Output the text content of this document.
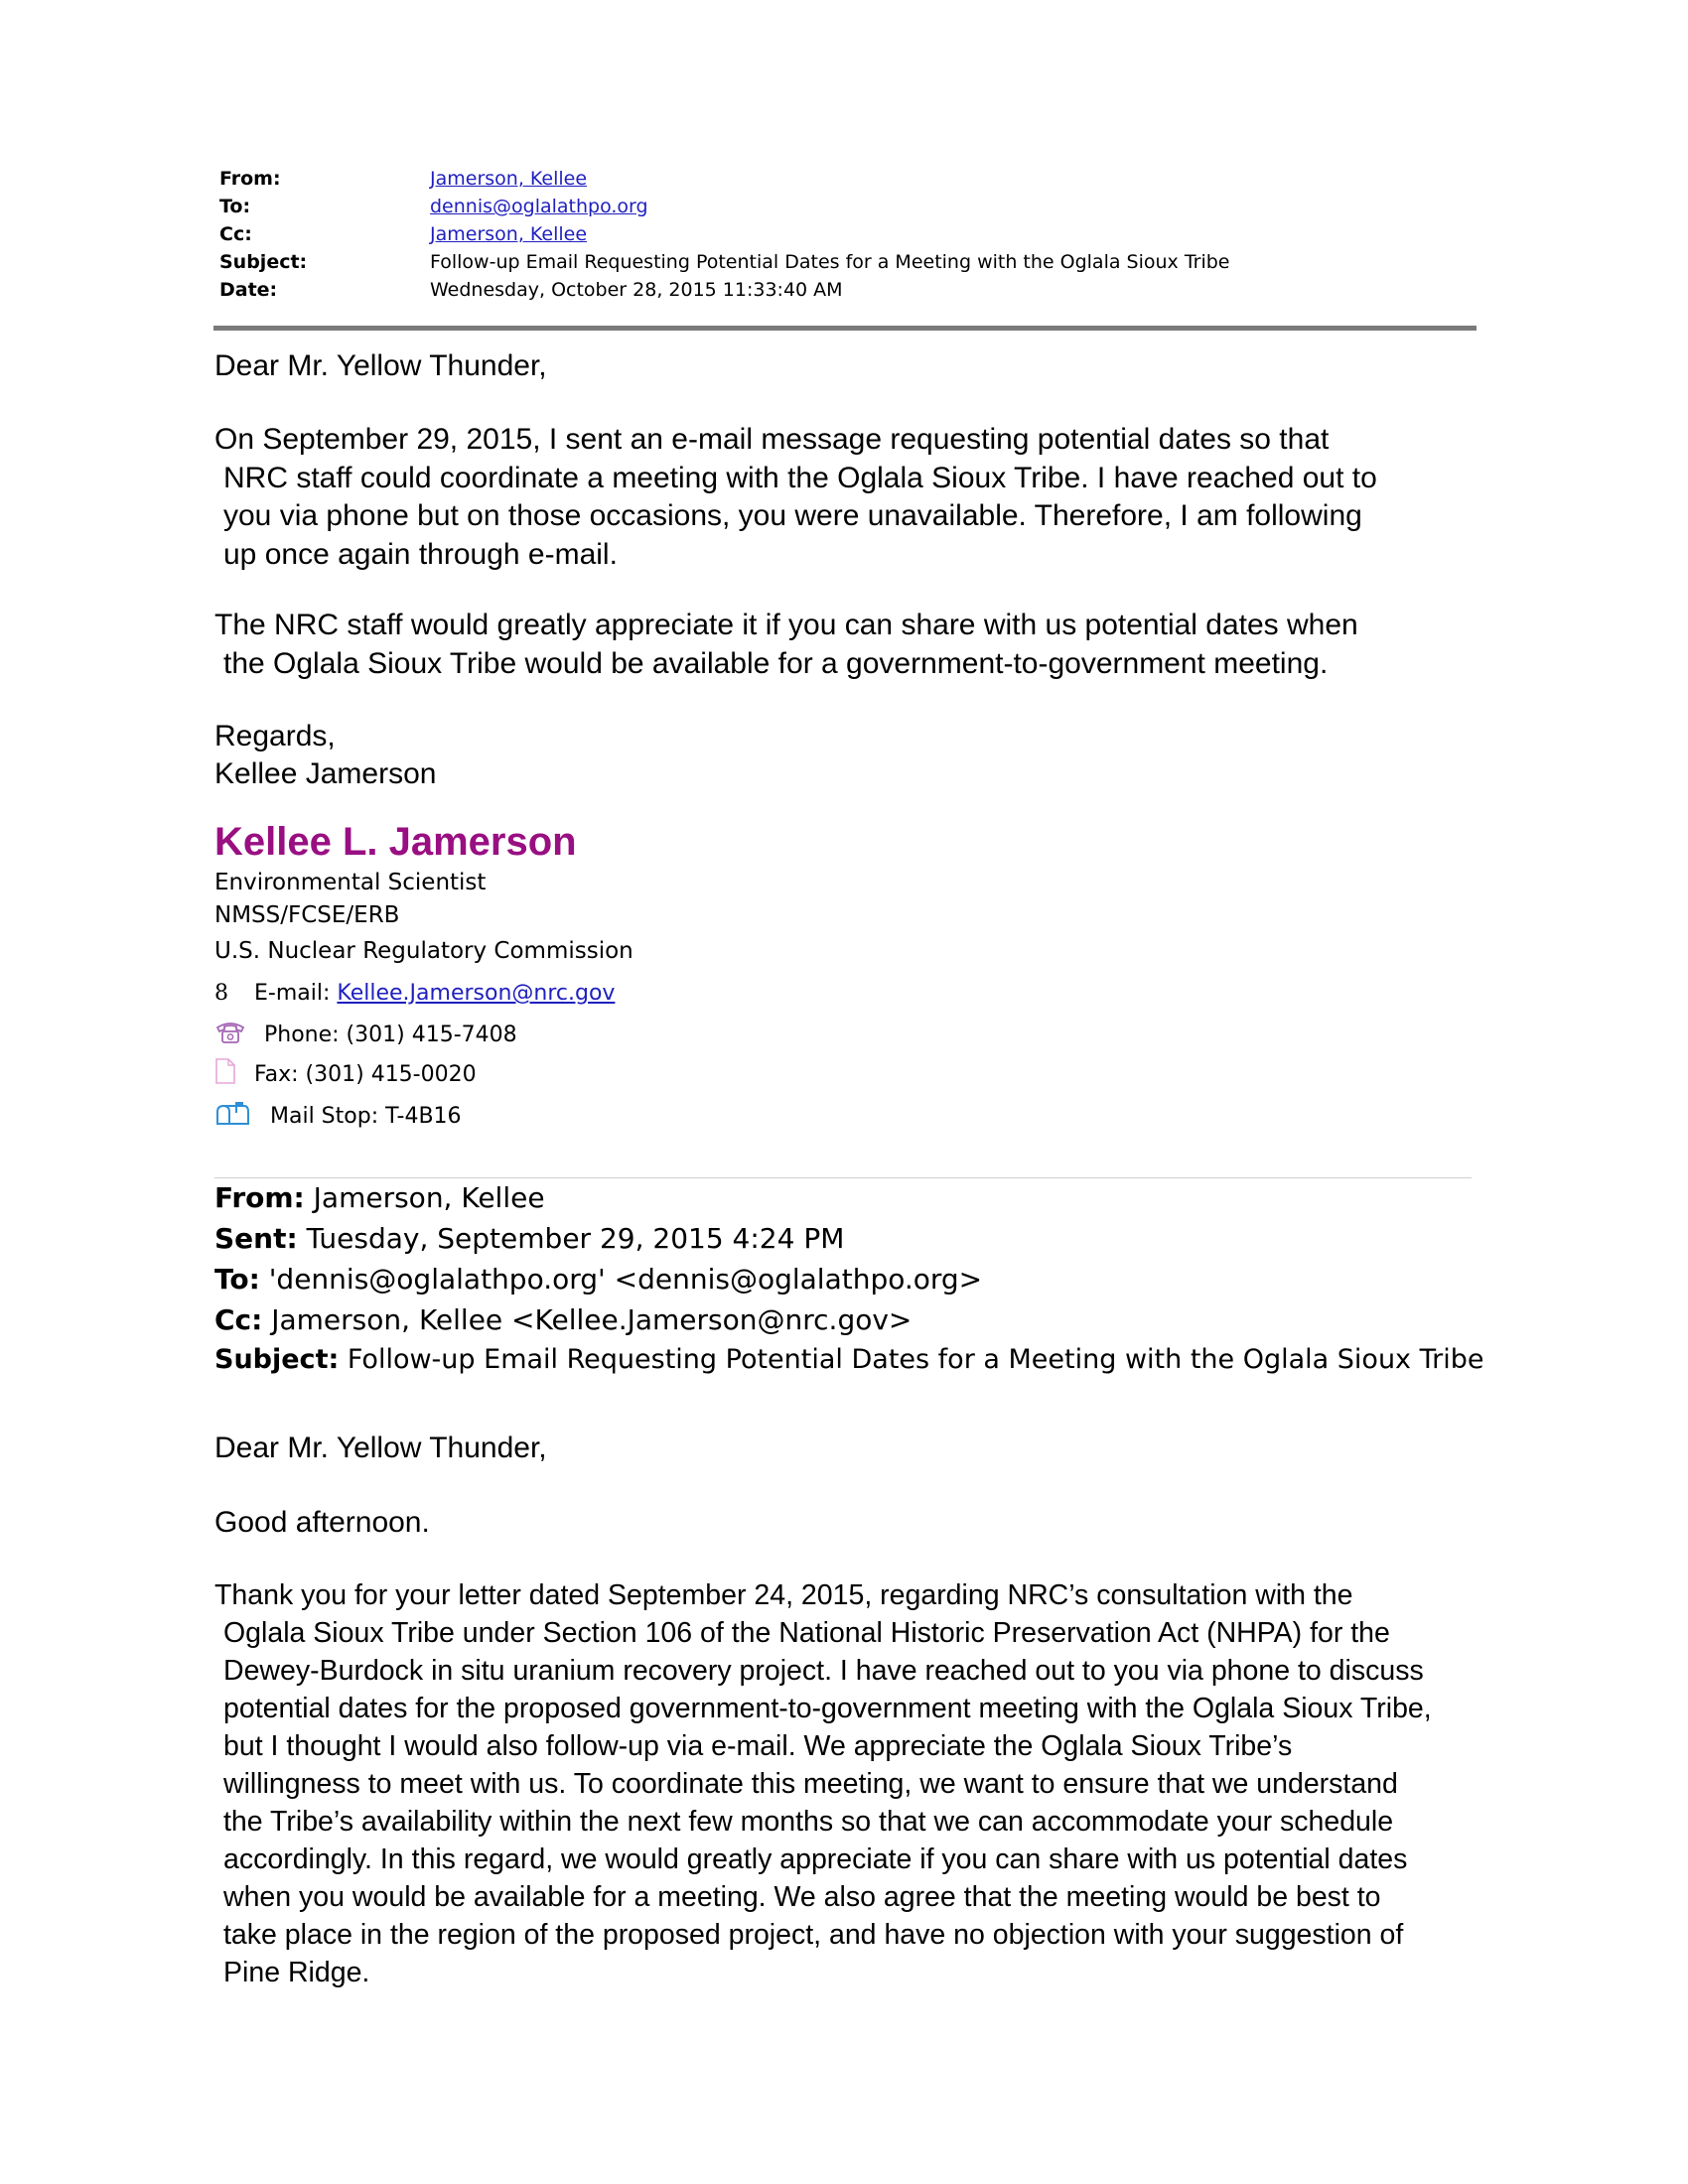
From:	Jamerson, Kellee
To:	dennis@oglalathpo.org
Cc:	Jamerson, Kellee
Subject:	Follow-up Email Requesting Potential Dates for a Meeting with the Oglala Sioux Tribe
Date:	Wednesday, October 28, 2015 11:33:40 AM
Dear Mr. Yellow Thunder,
On September 29, 2015, I sent an e-mail message requesting potential dates so that
NRC staff could coordinate a meeting with the Oglala Sioux Tribe. I have reached out to
you via phone but on those occasions, you were unavailable. Therefore, I am following
up once again through e-mail.
The NRC staff would greatly appreciate it if you can share with us potential dates when
the Oglala Sioux Tribe would be available for a government-to-government meeting.
Regards,
Kellee Jamerson
Kellee L. Jamerson
Environmental Scientist
NMSS/FCSE/ERB
U.S. Nuclear Regulatory Commission
8	E-mail:
Kellee.Jamerson@nrc.gov
Phone: (301) 415-7408
Fax: (301) 415-0020
Mail Stop: T-4B16
From: Jamerson, Kellee
Sent: Tuesday, September 29, 2015 4:24 PM
To: 'dennis@oglalathpo.org' <dennis@oglalathpo.org>
Cc: Jamerson, Kellee <Kellee.Jamerson@nrc.gov>
Subject: Follow-up Email Requesting Potential Dates for a Meeting with the Oglala Sioux Tribe
Dear Mr. Yellow Thunder,
Good afternoon.
Thank you for your letter dated September 24, 2015, regarding NRC’s consultation with the
Oglala Sioux Tribe under Section 106 of the National Historic Preservation Act (NHPA) for the
Dewey-Burdock in situ uranium recovery project. I have reached out to you via phone to discuss
potential dates for the proposed government-to-government meeting with the Oglala Sioux Tribe,
but I thought I would also follow-up via e-mail. We appreciate the Oglala Sioux Tribe’s
willingness to meet with us. To coordinate this meeting, we want to ensure that we understand
the Tribe’s availability within the next few months so that we can accommodate your schedule
accordingly. In this regard, we would greatly appreciate if you can share with us potential dates
when you would be available for a meeting. We also agree that the meeting would be best to
take place in the region of the proposed project, and have no objection with your suggestion of
Pine Ridge.
